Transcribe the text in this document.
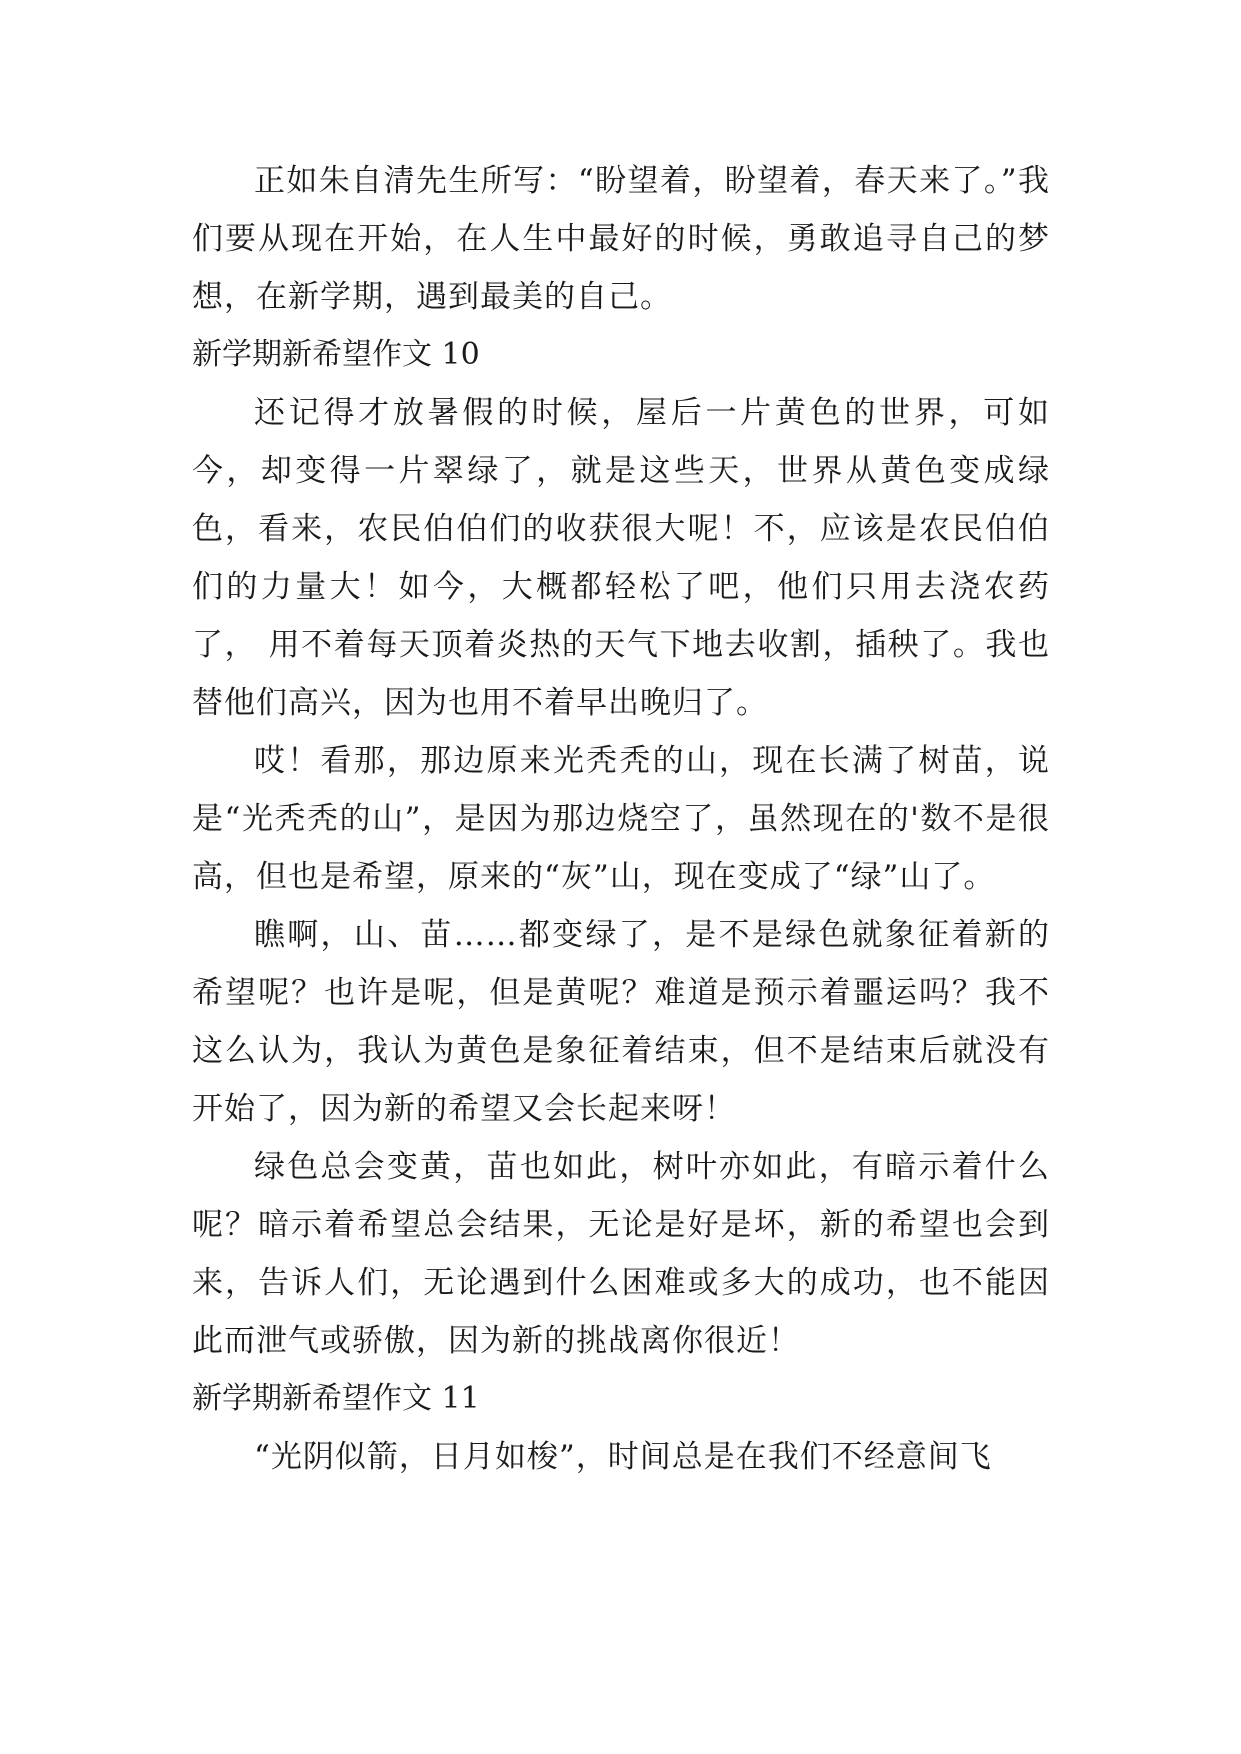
正如朱自清先生所写：“盼望着，盼望着，春天来了。”我们要从现在开始，在人生中最好的时候，勇敢追寻自己的梦想，在新学期，遇到最美的自己。

新学期新希望作文 10

还记得才放暑假的时候，屋后一片黄色的世界，可如今，却变得一片翠绿了，就是这些天，世界从黄色变成绿色，看来，农民伯伯们的收获很大呢！不，应该是农民伯伯们的力量大！如今，大概都轻松了吧，他们只用去浇农药了， 用不着每天顶着炎热的天气下地去收割，插秧了。我也替他们高兴，因为也用不着早出晚归了。

哎！看那，那边原来光秃秃的山，现在长满了树苗，说是“光秃秃的山”，是因为那边烧空了，虽然现在的'数不是很高，但也是希望，原来的“灰”山，现在变成了“绿”山了。

瞧啊，山、苗……都变绿了，是不是绿色就象征着新的希望呢？也许是呢，但是黄呢？难道是预示着噩运吗？我不这么认为，我认为黄色是象征着结束，但不是结束后就没有开始了，因为新的希望又会长起来呀！

绿色总会变黄，苗也如此，树叶亦如此，有暗示着什么呢？暗示着希望总会结果，无论是好是坏，新的希望也会到来，告诉人们，无论遇到什么困难或多大的成功，也不能因此而泄气或骄傲，因为新的挑战离你很近！

新学期新希望作文 11

“光阴似箭，日月如梭”，时间总是在我们不经意间飞
